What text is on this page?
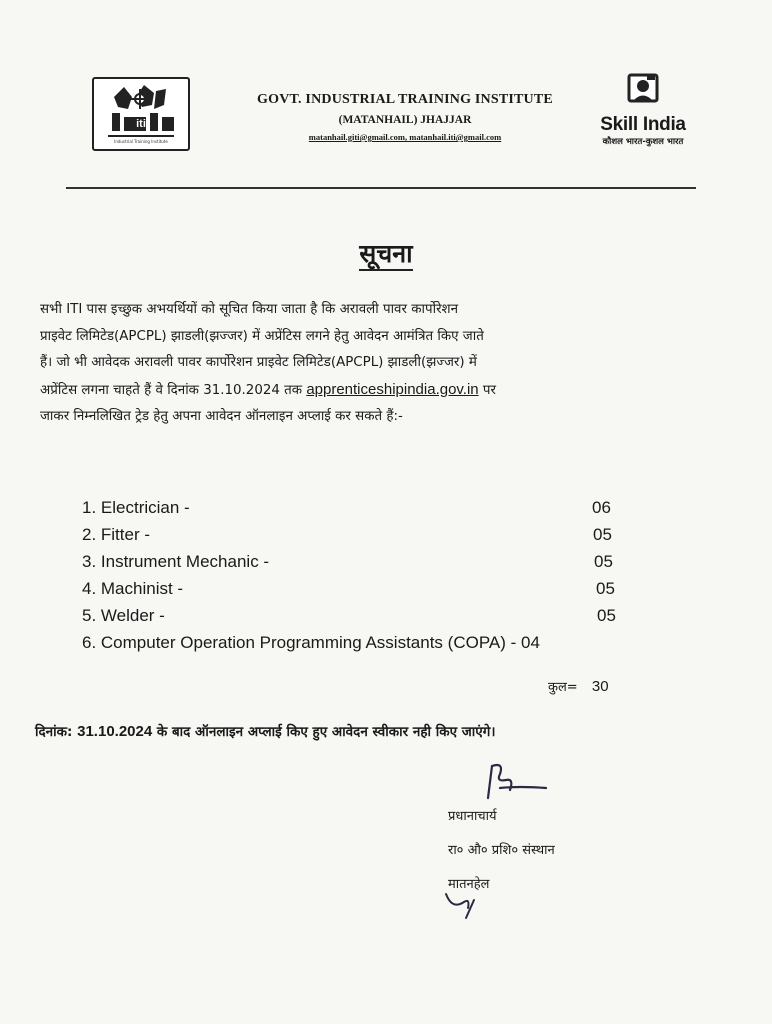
iti
Industrial Training Institute
GOVT. INDUSTRIAL TRAINING INSTITUTE
(MATANHAIL) JHAJJAR
matanhail.giti@gmail.com, matanhail.iti@gmail.com
Skill India
कौशल भारत-कुशल भारत
सूचना
सभी ITI पास इच्छुक अभयर्थियों को सूचित किया जाता है कि अरावली पावर कार्पोरेशन
प्राइवेट लिमिटेड(APCPL) झाडली(झज्जर) में अप्रेंटिस लगने हेतु आवेदन आमंत्रित किए जाते
हैं। जो भी आवेदक अरावली पावर कार्पोरेशन प्राइवेट लिमिटेड(APCPL) झाडली(झज्जर) में
अप्रेंटिस लगना चाहते हैं वे दिनांक 31.10.2024 तक apprenticeshipindia.gov.in पर
जाकर निम्नलिखित ट्रेड हेतु अपना आवेदन ऑनलाइन अप्लाई कर सकते हैं:-
1. Electrician -	06
2. Fitter -	05
3. Instrument Mechanic -	05
4. Machinist -	05
5. Welder -	05
6. Computer Operation Programming Assistants (COPA) - 04
कुल= 30
दिनांक: 31.10.2024 के बाद ऑनलाइन अप्लाई किए हुए आवेदन स्वीकार नही किए जाएंगे।
प्रधानाचार्य
रा० औ० प्रशि० संस्थान
मातनहेल
